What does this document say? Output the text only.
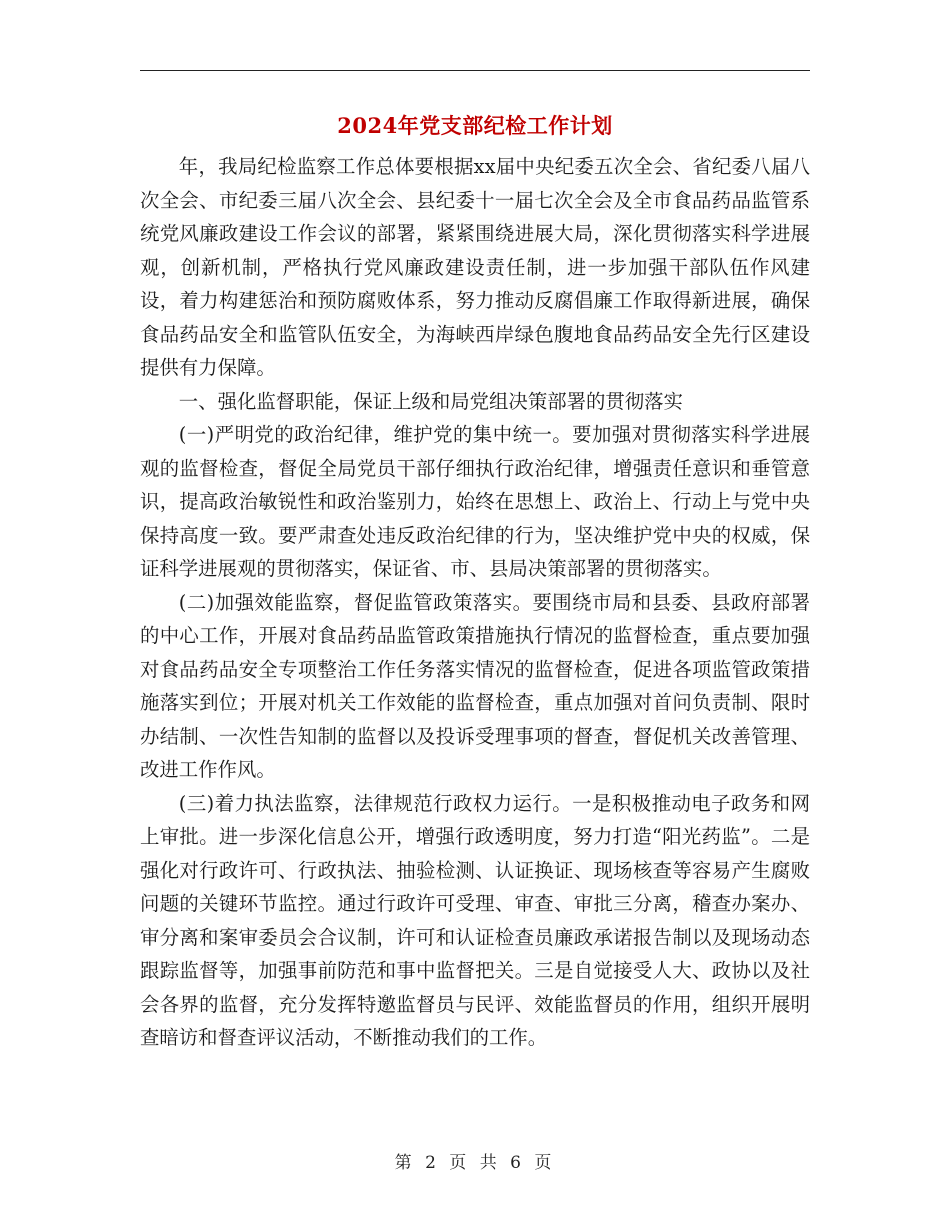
2024年党支部纪检工作计划

年，我局纪检监察工作总体要根据xx届中央纪委五次全会、省纪委八届八次全会、市纪委三届八次全会、县纪委十一届七次全会及全市食品药品监管系统党风廉政建设工作会议的部署，紧紧围绕进展大局，深化贯彻落实科学进展观，创新机制，严格执行党风廉政建设责任制，进一步加强干部队伍作风建设，着力构建惩治和预防腐败体系，努力推动反腐倡廉工作取得新进展，确保食品药品安全和监管队伍安全，为海峡西岸绿色腹地食品药品安全先行区建设提供有力保障。

一、强化监督职能，保证上级和局党组决策部署的贯彻落实

(一)严明党的政治纪律，维护党的集中统一。要加强对贯彻落实科学进展观的监督检查，督促全局党员干部仔细执行政治纪律，增强责任意识和垂管意识，提高政治敏锐性和政治鉴别力，始终在思想上、政治上、行动上与党中央保持高度一致。要严肃查处违反政治纪律的行为，坚决维护党中央的权威，保证科学进展观的贯彻落实，保证省、市、县局决策部署的贯彻落实。

(二)加强效能监察，督促监管政策落实。要围绕市局和县委、县政府部署的中心工作，开展对食品药品监管政策措施执行情况的监督检查，重点要加强对食品药品安全专项整治工作任务落实情况的监督检查，促进各项监管政策措施落实到位；开展对机关工作效能的监督检查，重点加强对首问负责制、限时办结制、一次性告知制的监督以及投诉受理事项的督查，督促机关改善管理、改进工作作风。

(三)着力执法监察，法律规范行政权力运行。一是积极推动电子政务和网上审批。进一步深化信息公开，增强行政透明度，努力打造“阳光药监”。二是强化对行政许可、行政执法、抽验检测、认证换证、现场核查等容易产生腐败问题的关键环节监控。通过行政许可受理、审查、审批三分离，稽查办案办、审分离和案审委员会合议制，许可和认证检查员廉政承诺报告制以及现场动态跟踪监督等，加强事前防范和事中监督把关。三是自觉接受人大、政协以及社会各界的监督，充分发挥特邀监督员与民评、效能监督员的作用，组织开展明查暗访和督查评议活动，不断推动我们的工作。

第 2 页 共 6 页
